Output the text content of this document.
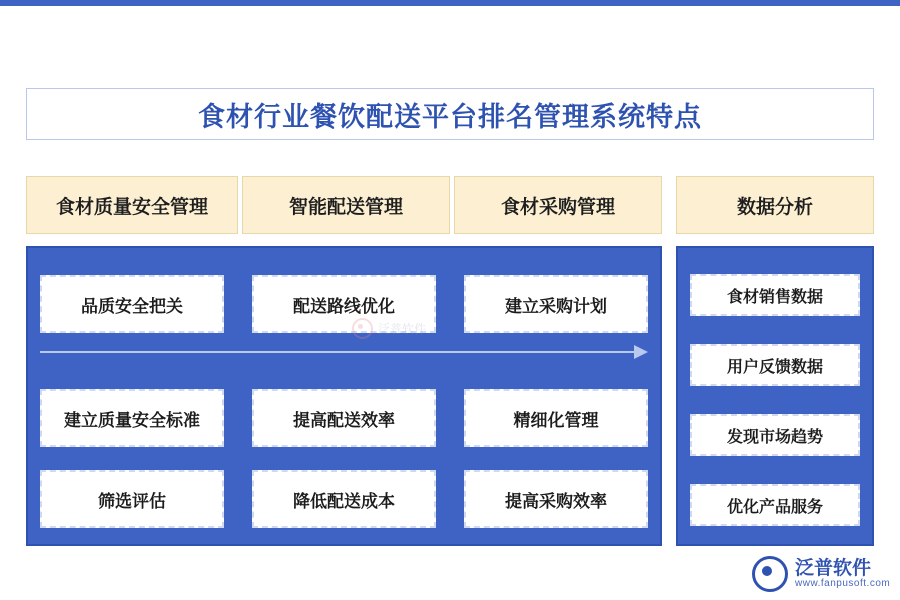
食材行业餐饮配送平台排名管理系统特点
食材质量安全管理	智能配送管理	食材采购管理	数据分析
品质安全把关
建立质量安全标准
筛选评估
配送路线优化
提高配送效率
降低配送成本
建立采购计划
精细化管理
提高采购效率
食材销售数据
用户反馈数据
发现市场趋势
优化产品服务
泛普软件
泛普软件
www.fanpusoft.com
